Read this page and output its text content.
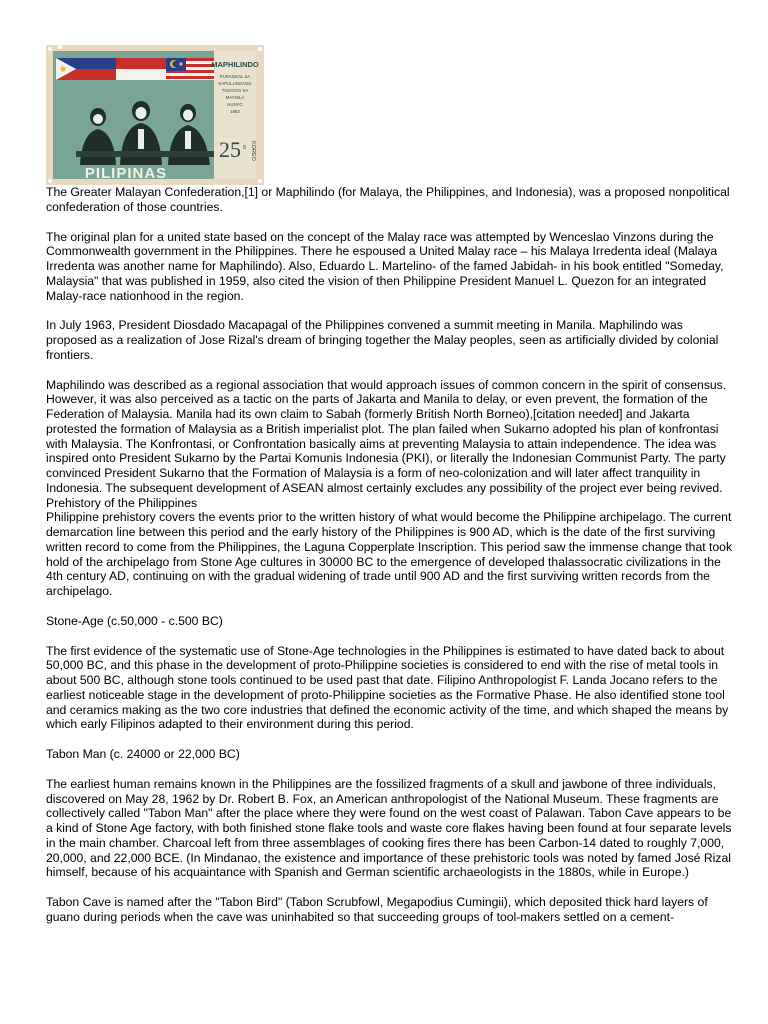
MAPHILINDO
PUNANGAL SA
KAPULUNGANG
TAGATAG SA
MAYNILA
HUNYO
1963
25 s KOREO
PILIPINAS

The Greater Malayan Confederation,[1] or Maphilindo (for Malaya, the Philippines, and Indonesia), was a proposed nonpolitical confederation of those countries.

The original plan for a united state based on the concept of the Malay race was attempted by Wenceslao Vinzons during the Commonwealth government in the Philippines. There he espoused a United Malay race – his Malaya Irredenta ideal (Malaya Irredenta was another name for Maphilindo). Also, Eduardo L. Martelino- of the famed Jabidah- in his book entitled "Someday, Malaysia" that was published in 1959, also cited the vision of then Philippine President Manuel L. Quezon for an integrated Malay-race nationhood in the region.

In July 1963, President Diosdado Macapagal of the Philippines convened a summit meeting in Manila. Maphilindo was proposed as a realization of Jose Rizal's dream of bringing together the Malay peoples, seen as artificially divided by colonial frontiers.

Maphilindo was described as a regional association that would approach issues of common concern in the spirit of consensus. However, it was also perceived as a tactic on the parts of Jakarta and Manila to delay, or even prevent, the formation of the Federation of Malaysia. Manila had its own claim to Sabah (formerly British North Borneo),[citation needed] and Jakarta protested the formation of Malaysia as a British imperialist plot. The plan failed when Sukarno adopted his plan of konfrontasi with Malaysia. The Konfrontasi, or Confrontation basically aims at preventing Malaysia to attain independence. The idea was inspired onto President Sukarno by the Partai Komunis Indonesia (PKI), or literally the Indonesian Communist Party. The party convinced President Sukarno that the Formation of Malaysia is a form of neo-colonization and will later affect tranquility in Indonesia. The subsequent development of ASEAN almost certainly excludes any possibility of the project ever being revived.

Prehistory of the Philippines

Philippine prehistory covers the events prior to the written history of what would become the Philippine archipelago. The current demarcation line between this period and the early history of the Philippines is 900 AD, which is the date of the first surviving written record to come from the Philippines, the Laguna Copperplate Inscription. This period saw the immense change that took hold of the archipelago from Stone Age cultures in 30000 BC to the emergence of developed thalassocratic civilizations in the 4th century AD, continuing on with the gradual widening of trade until 900 AD and the first surviving written records from the archipelago.

Stone-Age (c.50,000 - c.500 BC)

The first evidence of the systematic use of Stone-Age technologies in the Philippines is estimated to have dated back to about 50,000 BC, and this phase in the development of proto-Philippine societies is considered to end with the rise of metal tools in about 500 BC, although stone tools continued to be used past that date. Filipino Anthropologist F. Landa Jocano refers to the earliest noticeable stage in the development of proto-Philippine societies as the Formative Phase. He also identified stone tool and ceramics making as the two core industries that defined the economic activity of the time, and which shaped the means by which early Filipinos adapted to their environment during this period.

Tabon Man (c. 24000 or 22,000 BC)

The earliest human remains known in the Philippines are the fossilized fragments of a skull and jawbone of three individuals, discovered on May 28, 1962 by Dr. Robert B. Fox, an American anthropologist of the National Museum. These fragments are collectively called "Tabon Man" after the place where they were found on the west coast of Palawan. Tabon Cave appears to be a kind of Stone Age factory, with both finished stone flake tools and waste core flakes having been found at four separate levels in the main chamber. Charcoal left from three assemblages of cooking fires there has been Carbon-14 dated to roughly 7,000, 20,000, and 22,000 BCE. (In Mindanao, the existence and importance of these prehistoric tools was noted by famed José Rizal himself, because of his acquaintance with Spanish and German scientific archaeologists in the 1880s, while in Europe.)

Tabon Cave is named after the "Tabon Bird" (Tabon Scrubfowl, Megapodius Cumingii), which deposited thick hard layers of guano during periods when the cave was uninhabited so that succeeding groups of tool-makers settled on a cement-
